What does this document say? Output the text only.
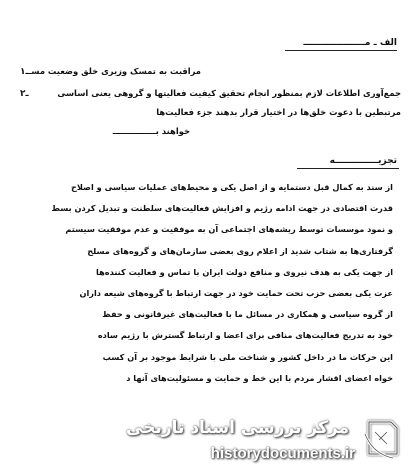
الف ـ مــــــــــــــــــــ
۱ـ مراقبت به تمسک وزیری خلق وضعیت مسـ
۲ـ	جمع‌آوری اطلاعات لازم بمنظور انجام تحقیق کیفیت فعالیتها و گروهی یعنی اساسی
مرتبطین با دعوت خلق‌ها در اختیار قرار بدهند جزء فعالیت‌ها
خواهند بـــــــــــــــ
تجزیــــــــــــــه
از سند به کمال قبل دستمایه و از اصل یکی و محیط‌های عملیات سیاسی و اصلاح
قدرت اقتصادی در جهت ادامه رژیم و افزایش فعالیت‌های سلطنت و تبدیل کردن بسط
و نمود موسسات توسط ریشه‌های اجتماعی آن به موفقیت و عدم موفقیت سیستم
گرفتاری‌ها به شتاب شدید از اعلام روی بعضی سازمان‌های و گروه‌های مسلح
از جهت یکی به هدف نیروی و منافع دولت ایران با تماس و فعالیت کننده‌ها
عزت یکی بعضی حزب تحت حمایت خود در جهت ارتباط با گروه‌های شیعه داران
از گروه سیاسی و همکاری در مسائل ما با فعالیت‌های غیرقانونی و حفظ
خود به تدریج فعالیت‌های منافی برای اعضا و ارتباط گسترش با رژیم ساده
این حرکات ما در داخل کشور و شناخت ملی با شرایط موجود بر آن کسب
خواه اعضای اقشار مردم با این خط و حمایت و مسئولیت‌های آنها د
مرکز بررسی اسناد تاریخی
historydocuments.ir
